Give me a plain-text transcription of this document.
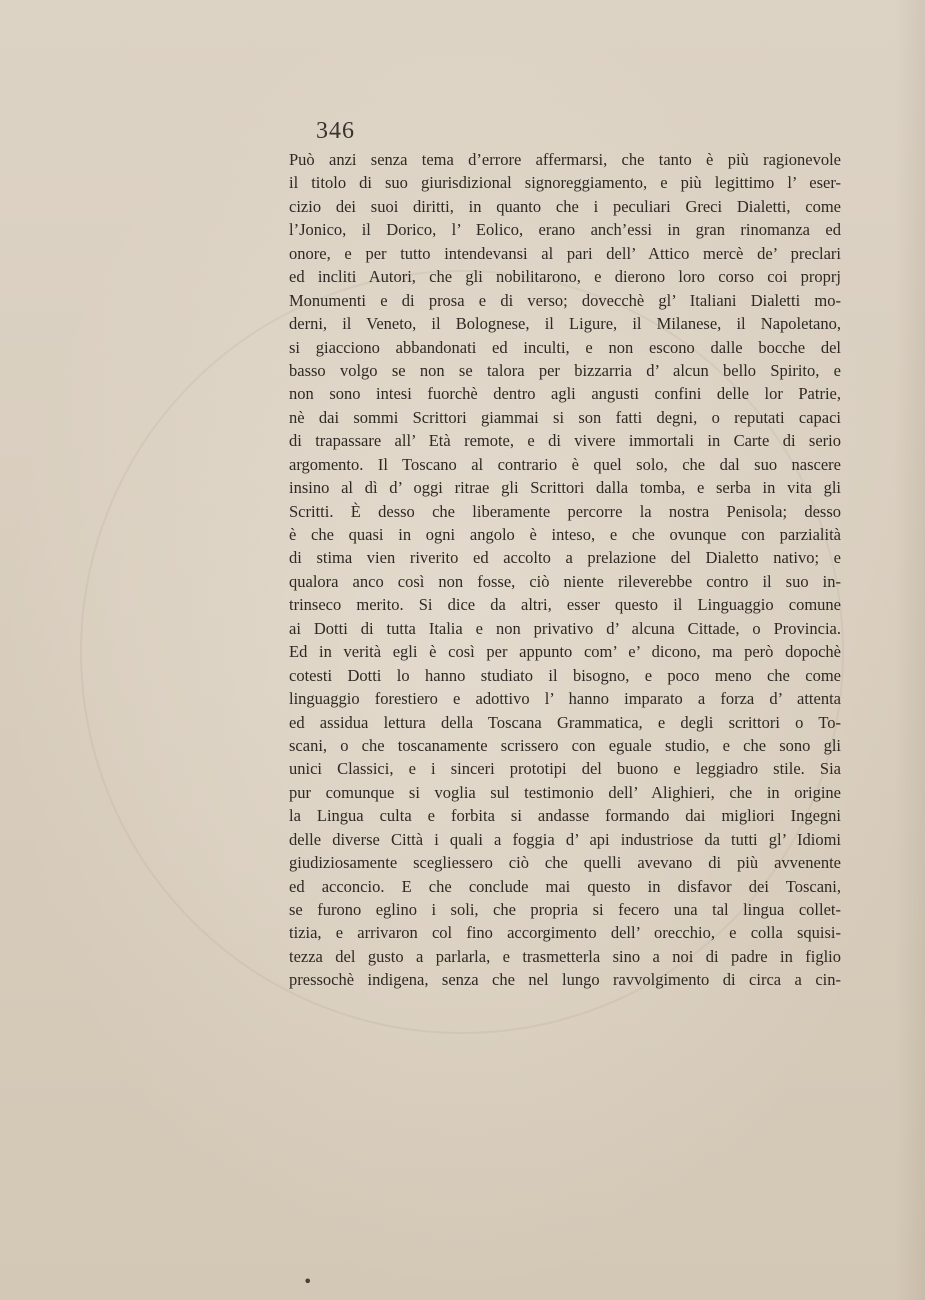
346
Può anzi senza tema d’errore affermarsi, che tanto è più ragionevole
il titolo di suo giurisdizional signoreggiamento, e più legittimo l’ eser-
cizio dei suoi diritti, in quanto che i peculiari Greci Dialetti, come
l’Jonico, il Dorico, l’ Eolico, erano anch’essi in gran rinomanza ed
onore, e per tutto intendevansi al pari dell’ Attico mercè de’ preclari
ed incliti Autori, che gli nobilitarono, e dierono loro corso coi proprj
Monumenti e di prosa e di verso; dovecchè gl’ Italiani Dialetti mo-
derni, il Veneto, il Bolognese, il Ligure, il Milanese, il Napoletano,
si giacciono abbandonati ed inculti, e non escono dalle bocche del
basso volgo se non se talora per bizzarria d’ alcun bello Spirito, e
non sono intesi fuorchè dentro agli angusti confini delle lor Patrie,
nè dai sommi Scrittori giammai si son fatti degni, o reputati capaci
di trapassare all’ Età remote, e di vivere immortali in Carte di serio
argomento. Il Toscano al contrario è quel solo, che dal suo nascere
insino al dì d’ oggi ritrae gli Scrittori dalla tomba, e serba in vita gli
Scritti. È desso che liberamente percorre la nostra Penisola; desso
è che quasi in ogni angolo è inteso, e che ovunque con parzialità
di stima vien riverito ed accolto a prelazione del Dialetto nativo; e
qualora anco così non fosse, ciò niente rileverebbe contro il suo in-
trinseco merito. Si dice da altri, esser questo il Linguaggio comune
ai Dotti di tutta Italia e non privativo d’ alcuna Cittade, o Provincia.
Ed in verità egli è così per appunto com’ e’ dicono, ma però dopochè
cotesti Dotti lo hanno studiato il bisogno, e poco meno che come
linguaggio forestiero e adottivo l’ hanno imparato a forza d’ attenta
ed assidua lettura della Toscana Grammatica, e degli scrittori o To-
scani, o che toscanamente scrissero con eguale studio, e che sono gli
unici Classici, e i sinceri prototipi del buono e leggiadro stile. Sia
pur comunque si voglia sul testimonio dell’ Alighieri, che in origine
la Lingua culta e forbita si andasse formando dai migliori Ingegni
delle diverse Città i quali a foggia d’ api industriose da tutti gl’ Idiomi
giudiziosamente scegliessero ciò che quelli avevano di più avvenente
ed acconcio. E che conclude mai questo in disfavor dei Toscani,
se furono eglino i soli, che propria si fecero una tal lingua collet-
tizia, e arrivaron col fino accorgimento dell’ orecchio, e colla squisi-
tezza del gusto a parlarla, e trasmetterla sino a noi di padre in figlio
pressochè indigena, senza che nel lungo ravvolgimento di circa a cin-
•
